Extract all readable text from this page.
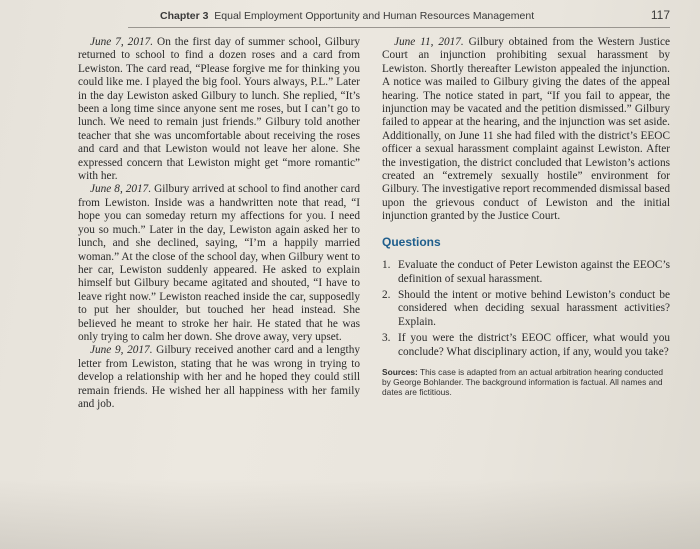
Chapter 3 Equal Employment Opportunity and Human Resources Management	117

June 7, 2017. On the first day of summer school, Gilbury returned to school to find a dozen roses and a card from Lewiston. The card read, “Please forgive me for thinking you could like me. I played the big fool. Yours always, P.L.” Later in the day Lewiston asked Gilbury to lunch. She replied, “It’s been a long time since anyone sent me roses, but I can’t go to lunch. We need to remain just friends.” Gilbury told another teacher that she was uncomfortable about receiving the roses and card and that Lewiston would not leave her alone. She expressed concern that Lewiston might get “more romantic” with her.

June 8, 2017. Gilbury arrived at school to find another card from Lewiston. Inside was a handwritten note that read, “I hope you can someday return my affections for you. I need you so much.” Later in the day, Lewiston again asked her to lunch, and she declined, saying, “I’m a happily married woman.” At the close of the school day, when Gilbury went to her car, Lewiston suddenly appeared. He asked to explain himself but Gilbury became agitated and shouted, “I have to leave right now.” Lewiston reached inside the car, supposedly to put her shoulder, but touched her head instead. She believed he meant to stroke her hair. He stated that he was only trying to calm her down. She drove away, very upset.

June 9, 2017. Gilbury received another card and a lengthy letter from Lewiston, stating that he was wrong in trying to develop a relationship with her and he hoped they could still remain friends. He wished her all happiness with her family and job.

June 11, 2017. Gilbury obtained from the Western Justice Court an injunction prohibiting sexual harassment by Lewiston. Shortly thereafter Lewiston appealed the injunction. A notice was mailed to Gilbury giving the dates of the appeal hearing. The notice stated in part, “If you fail to appear, the injunction may be vacated and the petition dismissed.” Gilbury failed to appear at the hearing, and the injunction was set aside. Additionally, on June 11 she had filed with the district’s EEOC officer a sexual harassment complaint against Lewiston. After the investigation, the district concluded that Lewiston’s actions created an “extremely sexually hostile” environment for Gilbury. The investigative report recommended dismissal based upon the grievous conduct of Lewiston and the initial injunction granted by the Justice Court.

Questions
1. Evaluate the conduct of Peter Lewiston against the EEOC’s definition of sexual harassment.
2. Should the intent or motive behind Lewiston’s conduct be considered when deciding sexual harassment activities? Explain.
3. If you were the district’s EEOC officer, what would you conclude? What disciplinary action, if any, would you take?
Sources: This case is adapted from an actual arbitration hearing conducted by George Bohlander. The background information is factual. All names and dates are fictitious.
